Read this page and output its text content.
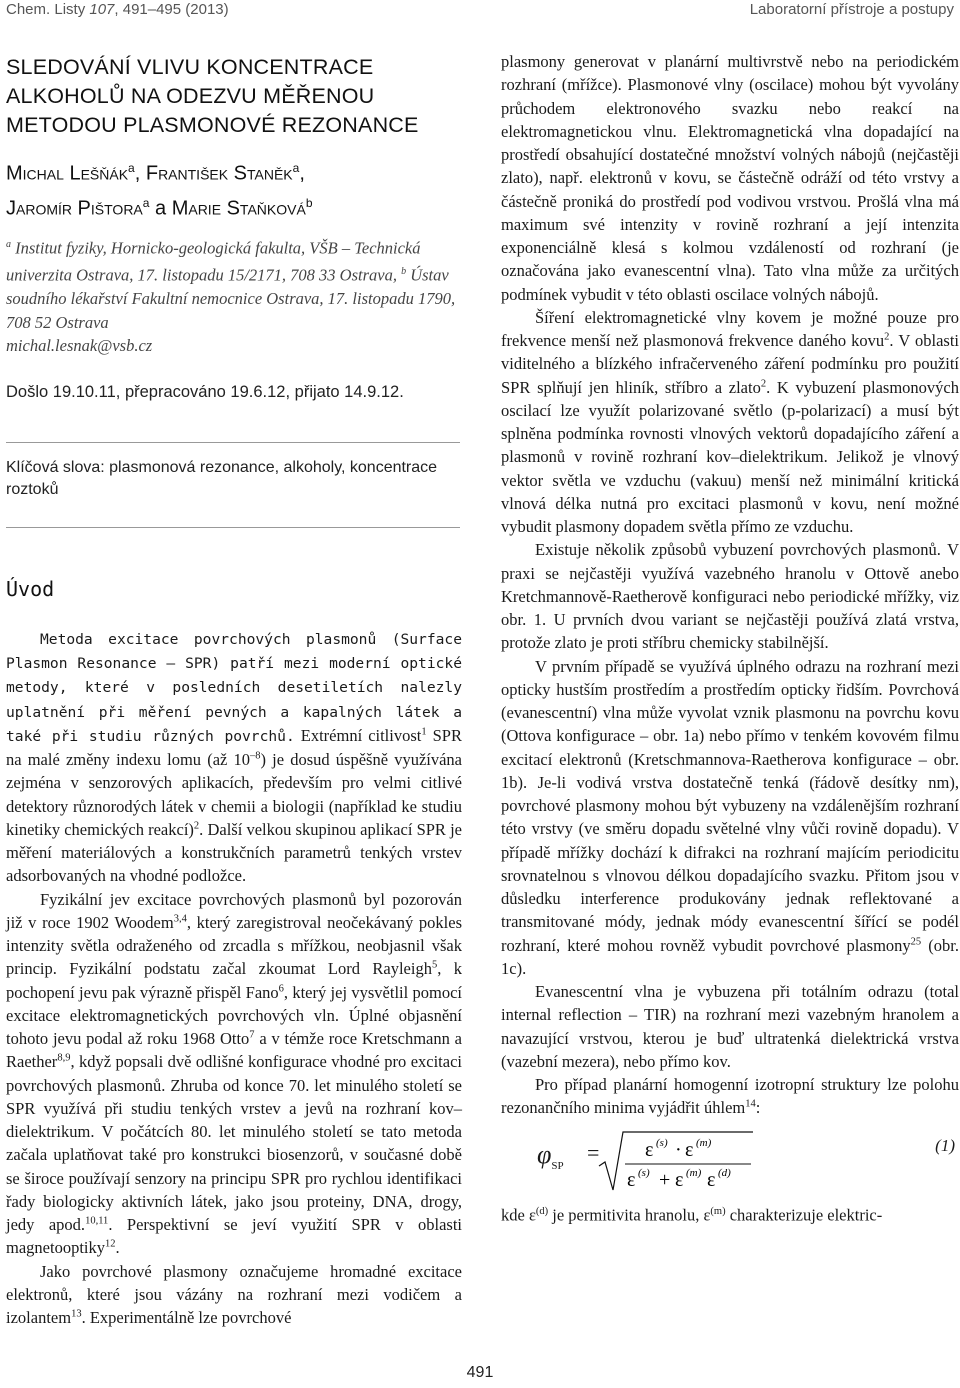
Chem. Listy 107, 491–495 (2013)	Laboratorní přístroje a postupy
SLEDOVÁNÍ VLIVU KONCENTRACE
ALKOHOLŮ NA ODEZVU MĚŘENOU
METODOU PLASMONOVÉ REZONANCE
Michal Lešňák$^a$, František Staněk$^a$,
Jaromír Pištora$^a$ a Marie Staňková$^b$
$^a$ Institut fyziky, Hornicko-geologická fakulta, VŠB – Technická univerzita Ostrava, 17. listopadu 15/2171, 708 33 Ostrava, $^b$ Ústav soudního lékařství Fakultní nemocnice Ostrava, 17. listopadu 1790, 708 52 Ostrava
michal.lesnak@vsb.cz
Došlo 19.10.11, přepracováno 19.6.12, přijato 14.9.12.
Klíčová slova: plasmonová rezonance, alkoholy, koncentrace roztoků
Úvod

Metoda excitace povrchových plasmonů (Surface Plasmon Resonance – SPR) patří mezi moderní optické metody, které v posledních desetiletích nalezly uplatnění při měření pevných a kapalných látek a také při studiu různých povrchů. Extrémní citlivost$^1$ SPR na malé změny indexu lomu (až $10^{-8}$) je dosud úspěšně využívána zejména v senzorových aplikacích, především pro velmi citlivé detektory různorodých látek v chemii a biologii (například ke studiu kinetiky chemických reakcí)$^2$. Další velkou skupinou aplikací SPR je měření materiálových a konstrukčních parametrů tenkých vrstev adsorbovaných na vhodné podložce.

Fyzikální jev excitace povrchových plasmonů byl pozorován již v roce 1902 Woodem$^{3,4}$, který zaregistroval neočekávaný pokles intenzity světla odraženého od zrcadla s mřížkou, neobjasnil však princip. Fyzikální podstatu začal zkoumat Lord Rayleigh$^5$, k pochopení jevu pak výrazně přispěl Fano$^6$, který jej vysvětlil pomocí excitace elektromagnetických povrchových vln. Úplné objasnění tohoto jevu podal až roku 1968 Otto$^7$ a v témže roce Kretschmann a Raether$^{8,9}$, když popsali dvě odlišné konfigurace vhodné pro excitaci povrchových plasmonů. Zhruba od konce 70. let minulého století se SPR využívá při studiu tenkých vrstev a jevů na rozhraní kov–dielektrikum. V počátcích 80. let minulého století se tato metoda začala uplatňovat také pro konstrukci biosenzorů, v současné době se široce používají senzory na principu SPR pro rychlou identifikaci řady biologicky aktivních látek, jako jsou proteiny, DNA, drogy, jedy apod.$^{10,11}$. Perspektivní se jeví využití SPR v oblasti magnetooptiky$^{12}$.

Jako povrchové plasmony označujeme hromadné excitace elektronů, které jsou vázány na rozhraní mezi vodičem a izolantem$^{13}$. Experimentálně lze povrchové

plasmony generovat v planární multivrstvě nebo na periodickém rozhraní (mřížce). Plasmonové vlny (oscilace) mohou být vyvolány průchodem elektronového svazku nebo reakcí na elektromagnetickou vlnu. Elektromagnetická vlna dopadající na prostředí obsahující dostatečné množství volných nábojů (nejčastěji zlato), např. elektronů v kovu, se částečně odráží od této vrstvy a částečně proniká do prostředí pod vodivou vrstvou. Prošlá vlna má maximum své intenzity v rovině rozhraní a její intenzita exponenciálně klesá s kolmou vzdáleností od rozhraní (je označována jako evanescentní vlna). Tato vlna může za určitých podmínek vybudit v této oblasti oscilace volných nábojů.

Šíření elektromagnetické vlny kovem je možné pouze pro frekvence menší než plasmonová frekvence daného kovu$^2$. V oblasti viditelného a blízkého infračerveného záření podmínku pro použití SPR splňují jen hliník, stříbro a zlato$^2$. K vybuzení plasmonových oscilací lze využít polarizované světlo (p-polarizací) a musí být splněna podmínka rovnosti vlnových vektorů dopadajícího záření a plasmonů v rovině rozhraní kov–dielektrikum. Jelikož je vlnový vektor světla ve vzduchu (vakuu) menší než minimální kritická vlnová délka nutná pro excitaci plasmonů v kovu, není možné vybudit plasmony dopadem světla přímo ze vzduchu.

Existuje několik způsobů vybuzení povrchových plasmonů. V praxi se nejčastěji využívá vazebného hranolu v Ottově anebo Kretchmannově-Raetherově konfiguraci nebo periodické mřížky, viz obr. 1. U prvních dvou variant se nejčastěji používá zlatá vrstva, protože zlato je proti stříbru chemicky stabilnější.

V prvním případě se využívá úplného odrazu na rozhraní mezi opticky hustším prostředím a prostředím opticky řidším. Povrchová (evanescentní) vlna může vyvolat vznik plasmonu na povrchu kovu (Ottova konfigurace – obr. 1a) nebo přímo v tenkém kovovém filmu excitací elektronů (Kretschmannova-Raetherova konfigurace – obr. 1b). Je-li vodivá vrstva dostatečně tenká (řádově desítky nm), povrchové plasmony mohou být vybuzeny na vzdálenějším rozhraní této vrstvy (ve směru dopadu světelné vlny vůči rovině dopadu). V případě mřížky dochází k difrakci na rozhraní majícím periodicitu srovnatelnou s vlnovou délkou dopadajícího svazku. Přitom jsou v důsledku interference produkovány jednak reflektované a transmitované módy, jednak módy evanescentní šířící se podél rozhraní, které mohou rovněž vybudit povrchové plasmony$^{25}$ (obr. 1c).

Evanescentní vlna je vybuzena při totálním odrazu (total internal reflection – TIR) na rozhraní mezi vazebným hranolem a navazující vrstvou, kterou je buď ultratenká dielektrická vrstva (vazební mezera), nebo přímo kov.

Pro případ planární homogenní izotropní struktury lze polohu rezonančního minima vyjádřit úhlem$^{14}$:

$\varphi_{SP}$
= ε (s) · ε (m)
ε (s) + ε (m) ε (d)
(1)

kde $\varepsilon^{(d)}$ je permitivita hranolu, $\varepsilon^{(m)}$ charakterizuje elektric-

491
